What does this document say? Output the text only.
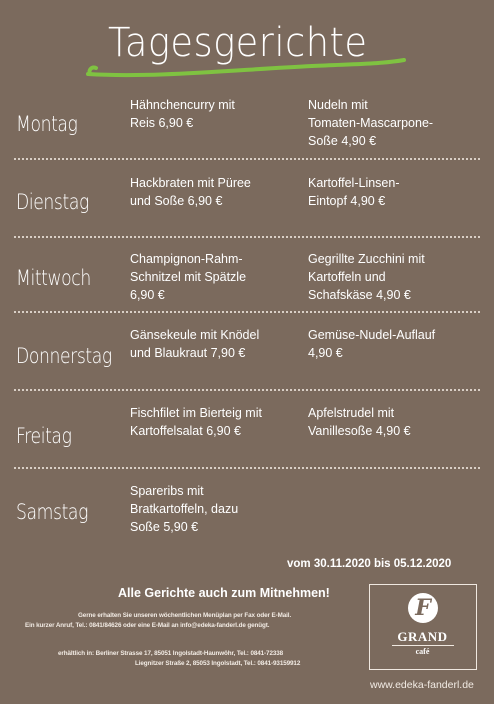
Tagesgerichte
Montag
Hähnchencurry mit
Reis 6,90 €
Nudeln mit
Tomaten-Mascarpone-
Soße 4,90 €
Dienstag
Hackbraten mit Püree
und Soße 6,90 €
Kartoffel-Linsen-
Eintopf 4,90 €
Mittwoch
Champignon-Rahm-
Schnitzel mit Spätzle
6,90 €
Gegrillte Zucchini mit
Kartoffeln und
Schafskäse 4,90 €
Donnerstag
Gänsekeule mit Knödel
und Blaukraut 7,90 €
Gemüse-Nudel-Auflauf
4,90 €
Freitag
Fischfilet im Bierteig mit
Kartoffelsalat 6,90 €
Apfelstrudel mit
Vanillesoße 4,90 €
Samstag
Spareribs mit
Bratkartoffeln, dazu
Soße 5,90 €
vom 30.11.2020 bis 05.12.2020
Alle Gerichte auch zum Mitnehmen!
Gerne erhalten Sie unseren wöchentlichen Menüplan per Fax oder E-Mail.
Ein kurzer Anruf, Tel.: 0841/84626 oder eine E-Mail an info@edeka-fanderl.de genügt.
erhältlich in: Berliner Strasse 17, 85051 Ingolstadt-Haunwöhr, Tel.: 0841-72338
Liegnitzer Straße 2, 85053 Ingolstadt, Tel.: 0841-93159912
F
GRAND
café
www.edeka-fanderl.de
